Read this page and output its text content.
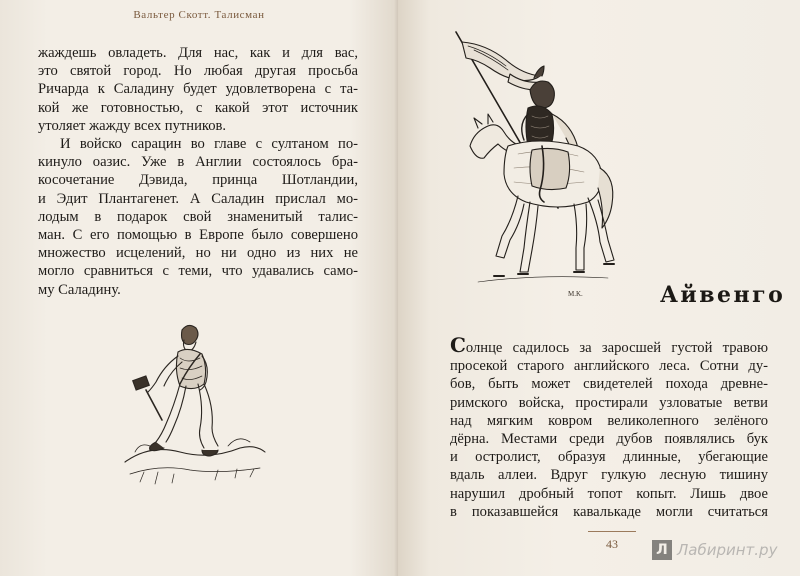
Вальтер Скотт. Талисман

жаждешь овладеть. Для нас, как и для вас,
это святой город. Но любая другая просьба
Ричарда к Саладину будет удовлетворена с та-
кой же готовностью, с какой этот источник
утоляет жажду всех путников.

И войско сарацин во главе с султаном по-
кинуло оазис. Уже в Англии состоялось бра-
косочетание Дэвида, принца Шотландии,
и Эдит Плантагенет. А Саладин прислал мо-
лодым в подарок свой знаменитый талис-
ман. С его помощью в Европе было совершено
множество исцелений, но ни одно из них не
могло сравниться с теми, что удавались само-
му Саладину.	M.K.	Айвенго
Солнце садилось за заросшей густой травою
просекой старого английского леса. Сотни ду-
бов, быть может свидетелей похода древне-
римского войска, простирали узловатые ветви
над мягким ковром великолепного зелёного
дёрна. Местами среди дубов появлялись бук
и остролист, образуя длинные, убегающие
вдаль аллеи. Вдруг гулкую лесную тишину
нарушил дробный топот копыт. Лишь двое
в показавшейся кавалькаде могли считаться
43	Л Лабиринт.ру
